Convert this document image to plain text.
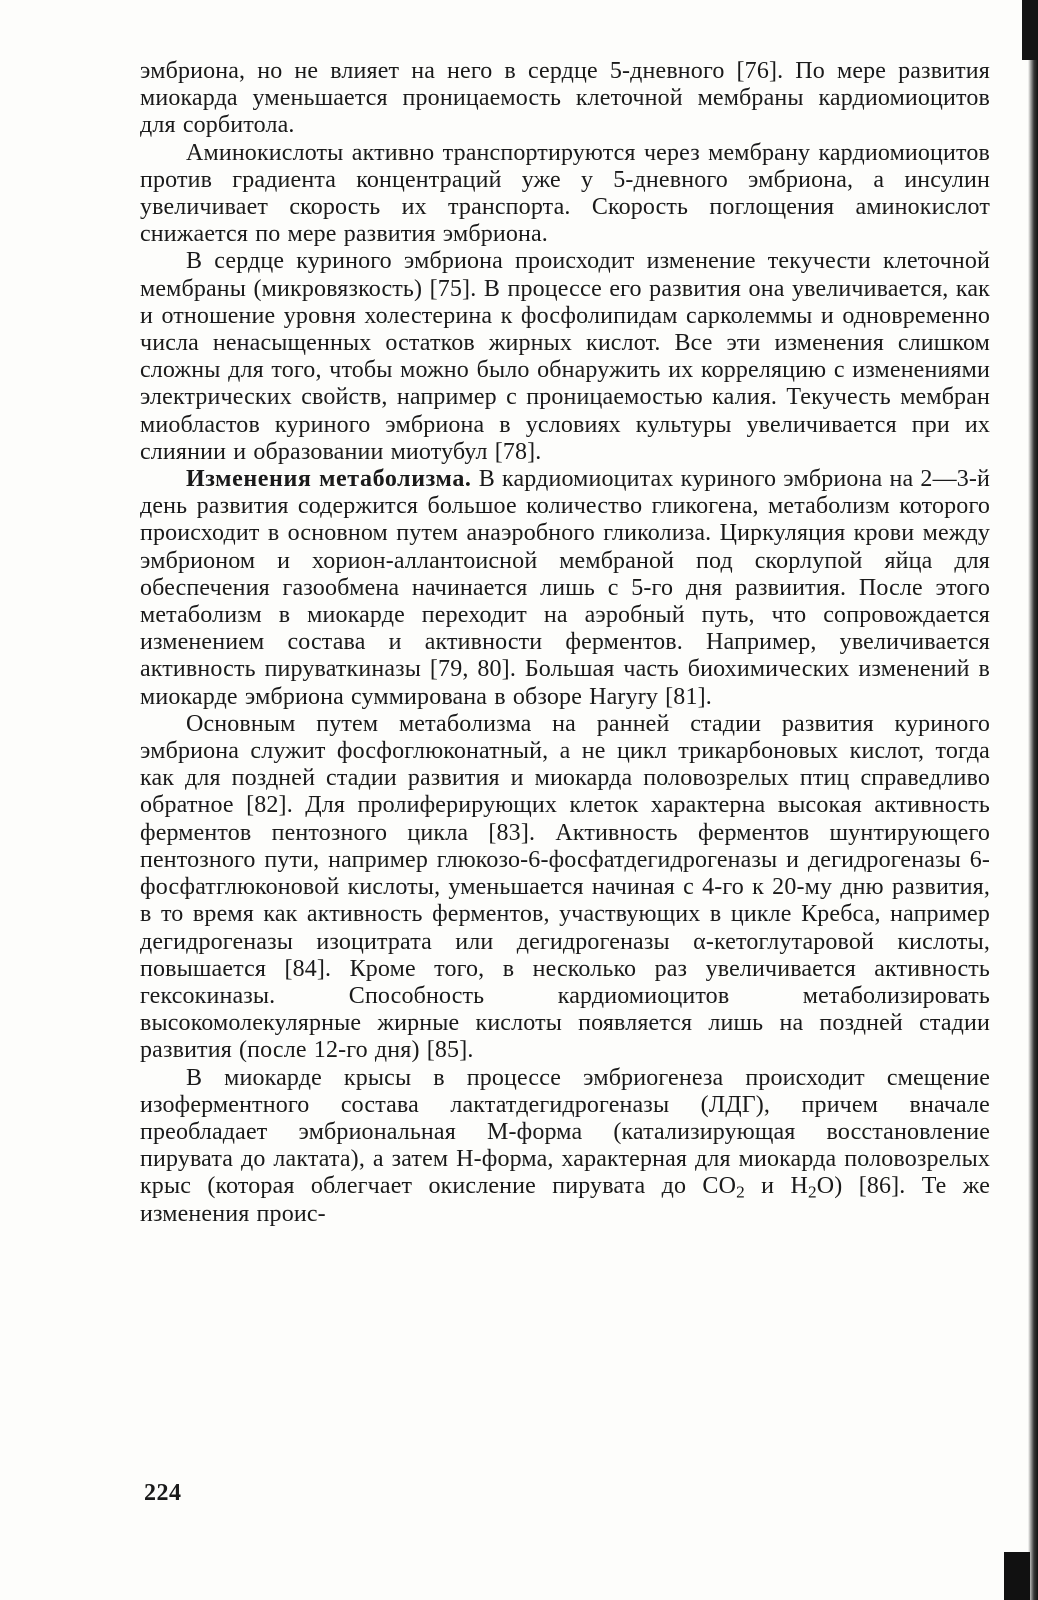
эмбриона, но не влияет на него в сердце 5-дневного [76]. По мере развития миокарда уменьшается проницаемость клеточной мембраны кардиомиоцитов для сорбитола.

Аминокислоты активно транспортируются через мембрану кардиомиоцитов против градиента концентраций уже у 5-дневного эмбриона, а инсулин увеличивает скорость их транспорта. Скорость поглощения аминокислот снижается по мере развития эмбриона.

В сердце куриного эмбриона происходит изменение текучести клеточной мембраны (микровязкость) [75]. В процессе его развития она увеличивается, как и отношение уровня холестерина к фосфолипидам сарколеммы и одновременно числа ненасыщенных остатков жирных кислот. Все эти изменения слишком сложны для того, чтобы можно было обнаружить их корреляцию с изменениями электрических свойств, например с проницаемостью калия. Текучесть мембран миобластов куриного эмбриона в условиях культуры увеличивается при их слиянии и образовании миотубул [78].

Изменения метаболизма. В кардиомиоцитах куриного эмбриона на 2—3-й день развития содержится большое количество гликогена, метаболизм которого происходит в основном путем анаэробного гликолиза. Циркуляция крови между эмбрионом и хорион-аллантоисной мембраной под скорлупой яйца для обеспечения газообмена начинается лишь с 5-го дня развиития. После этого метаболизм в миокарде переходит на аэробный путь, что сопровождается изменением состава и активности ферментов. Например, увеличивается активность пируваткиназы [79, 80]. Большая часть биохимических изменений в миокарде эмбриона суммирована в обзоре Haryry [81].

Основным путем метаболизма на ранней стадии развития куриного эмбриона служит фосфоглюконатный, а не цикл трикарбоновых кислот, тогда как для поздней стадии развития и миокарда половозрелых птиц справедливо обратное [82]. Для пролиферирующих клеток характерна высокая активность ферментов пентозного цикла [83]. Активность ферментов шунтирующего пентозного пути, например глюкозо-6-фосфатдегидрогеназы и дегидрогеназы 6-фосфатглюконовой кислоты, уменьшается начиная с 4-го к 20-му дню развития, в то время как активность ферментов, участвующих в цикле Кребса, например дегидрогеназы изоцитрата или дегидрогеназы α-кетоглутаровой кислоты, повышается [84]. Кроме того, в несколько раз увеличивается активность гексокиназы. Способность кардиомиоцитов метаболизировать высокомолекулярные жирные кислоты появляется лишь на поздней стадии развития (после 12-го дня) [85].

В миокарде крысы в процессе эмбриогенеза происходит смещение изоферментного состава лактатдегидрогеназы (ЛДГ), причем вначале преобладает эмбриональная М-форма (катализирующая восстановление пирувата до лактата), а затем Н-форма, характерная для миокарда половозрелых крыс (которая облегчает окисление пирувата до $CO_2$ и $H_2O$) [86]. Те же изменения проис-

224
